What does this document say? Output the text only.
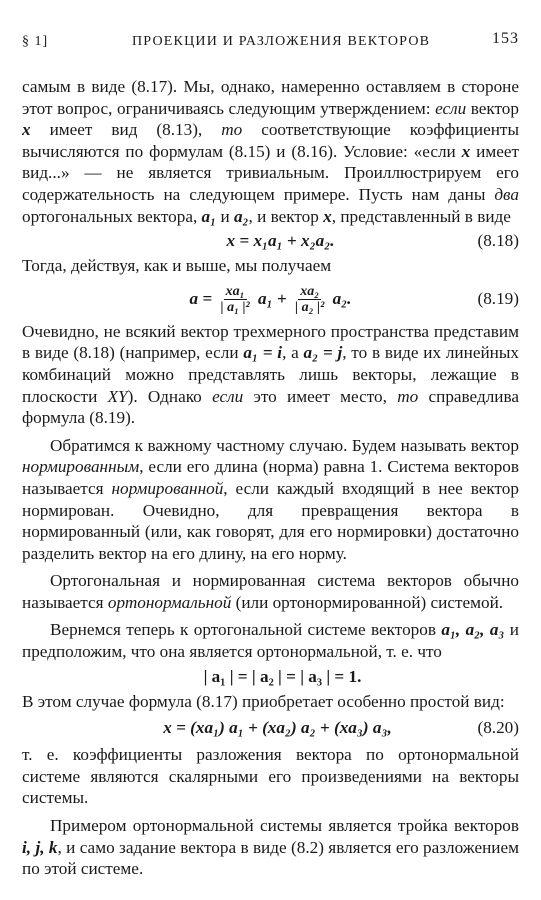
§ 1]	ПРОЕКЦИИ И РАЗЛОЖЕНИЯ ВЕКТОРОВ	153

самым в виде (8.17). Мы, однако, намеренно оставляем в стороне этот вопрос, ограничиваясь следующим утверждением: если вектор x имеет вид (8.13), то соответствующие коэффициенты вычисляются по формулам (8.15) и (8.16). Условие: «если x имеет вид...» — не является тривиальным. Проиллюстрируем его содержательность на следующем примере. Пусть нам даны два ортогональных вектора, a₁ и a₂, и вектор x, представленный в виде

x = x₁a₁ + x₂a₂.	(8.18)

Тогда, действуя, как и выше, мы получаем

$a = \frac{\text{xa₁}}{\text{| a₁ |²}} a_1 + \frac{\text{xa₂}}{\text{| a₂ |²}} a_2$.	(8.19)

Очевидно, не всякий вектор трехмерного пространства представим в виде (8.18) (например, если a₁ = i, а a₂ = j, то в виде их линейных комбинаций можно представлять лишь векторы, лежащие в плоскости XY). Однако если это имеет место, то справедлива формула (8.19).

Обратимся к важному частному случаю. Будем называть вектор нормированным, если его длина (норма) равна 1. Система векторов называется нормированной, если каждый входящий в нее вектор нормирован. Очевидно, для превращения вектора в нормированный (или, как говорят, для его нормировки) достаточно разделить вектор на его длину, на его норму.

Ортогональная и нормированная система векторов обычно называется ортонормальной (или ортонормированной) системой.

Вернемся теперь к ортогональной системе векторов a₁, a₂, a₃ и предположим, что она является ортонормальной, т. е. что

| a₁ | = | a₂ | = | a₃ | = 1.

В этом случае формула (8.17) приобретает особенно простой вид:

x = (xa₁) a₁ + (xa₂) a₂ + (xa₃) a₃,	(8.20)

т. е. коэффициенты разложения вектора по ортонормальной системе являются скалярными его произведениями на векторы системы.

Примером ортонормальной системы является тройка векторов i, j, k, и само задание вектора в виде (8.2) является его разложением по этой системе.
